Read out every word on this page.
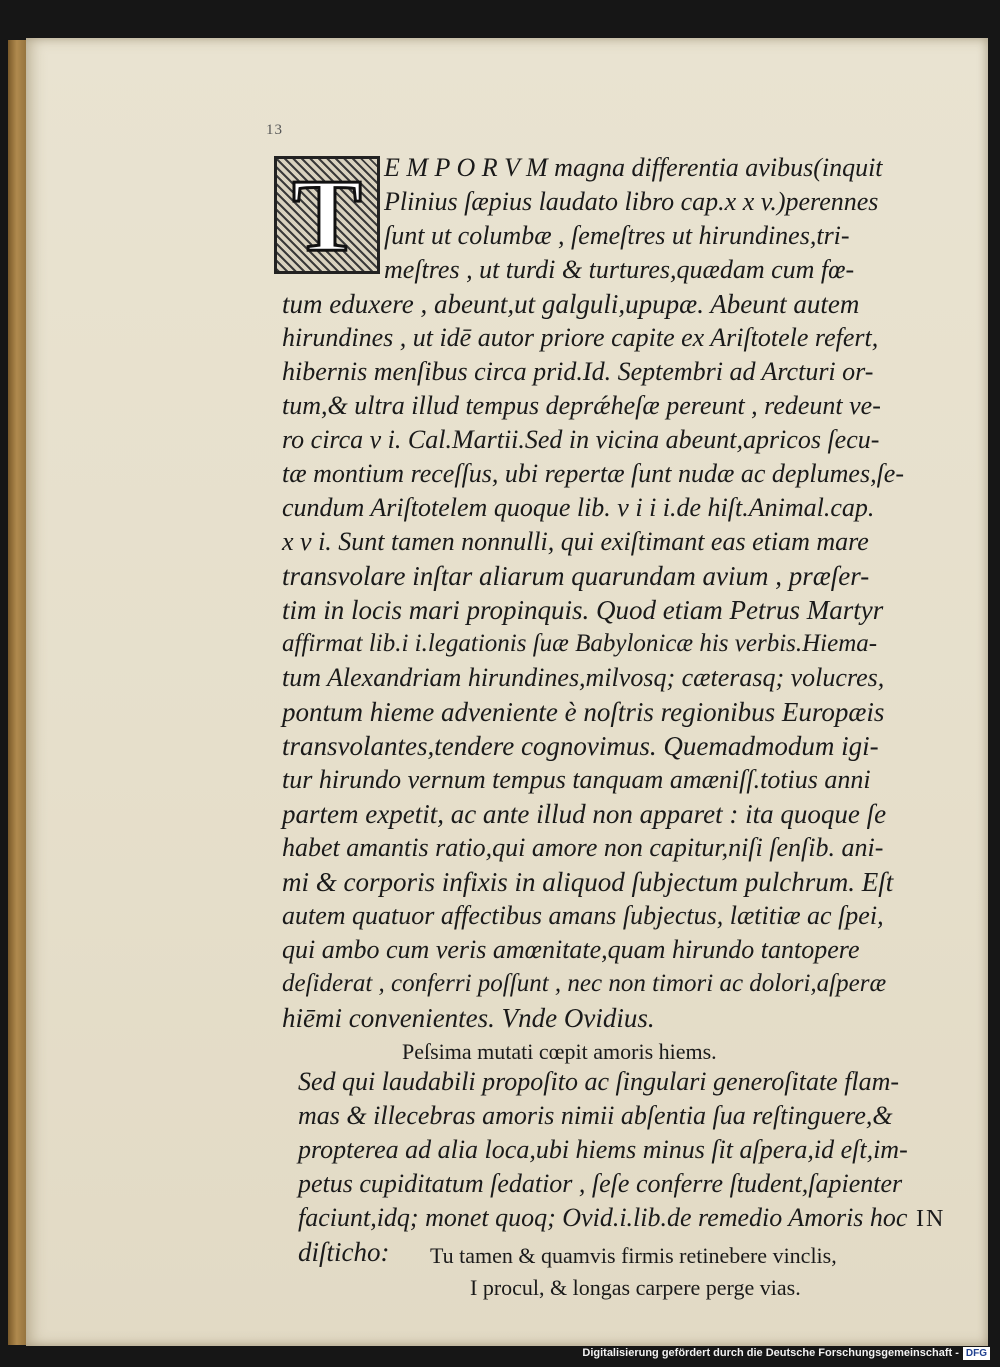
13
T E M P O R V M magna differentia avibus(inquit
Plinius ſæpius laudato libro cap.x x v.)perennes
ſunt ut columbæ , ſemeſtres ut hirundines,tri-
meſtres , ut turdi & turtures,quædam cum fœ-
tum eduxere , abeunt,ut galguli,upupæ. Abeunt autem
hirundines , ut idē autor priore capite ex Ariſtotele refert,
hibernis menſibus circa prid.Id. Septembri ad Arcturi or-
tum,& ultra illud tempus deprǽheſæ pereunt , redeunt ve-
ro circa v i. Cal.Martii.Sed in vicina abeunt,apricos ſecu-
tæ montium receſſus, ubi repertæ ſunt nudæ ac deplumes,ſe-
cundum Ariſtotelem quoque lib. v i i i.de hiſt.Animal.cap.
x v i. Sunt tamen nonnulli, qui exiſtimant eas etiam mare
transvolare inſtar aliarum quarundam avium , præſer-
tim in locis mari propinquis. Quod etiam Petrus Martyr
affirmat lib.i i.legationis ſuæ Babylonicæ his verbis.Hiema-
tum Alexandriam hirundines,milvosq; cæterasq; volucres,
pontum hieme adveniente è noſtris regionibus Europæis
transvolantes,tendere cognovimus. Quemadmodum igi-
tur hirundo vernum tempus tanquam amæniſſ.totius anni
partem expetit, ac ante illud non apparet : ita quoque ſe
habet amantis ratio,qui amore non capitur,niſi ſenſib. ani-
mi & corporis infixis in aliquod ſubjectum pulchrum. Eſt
autem quatuor affectibus amans ſubjectus, lætitiæ ac ſpei,
qui ambo cum veris amœnitate,quam hirundo tantopere
deſiderat , conferri poſſunt , nec non timori ac dolori,aſperæ
hiēmi convenientes. Vnde Ovidius.
Peſsima mutati cœpit amoris hiems.
Sed qui laudabili propoſito ac ſingulari generoſitate flam-
mas & illecebras amoris nimii abſentia ſua reſtinguere,&
propterea ad alia loca,ubi hiems minus ſit aſpera,id eſt,im-
petus cupiditatum ſedatior , ſeſe conferre ſtudent,ſapienter
faciunt,idq; monet quoq; Ovid.i.lib.de remedio Amoris hoc
diſticho: Tu tamen & quamvis firmis retinebere vinclis,
I procul, & longas carpere perge vias.
IN
Digitalisierung gefördert durch die Deutsche Forschungsgemeinschaft - DFG
